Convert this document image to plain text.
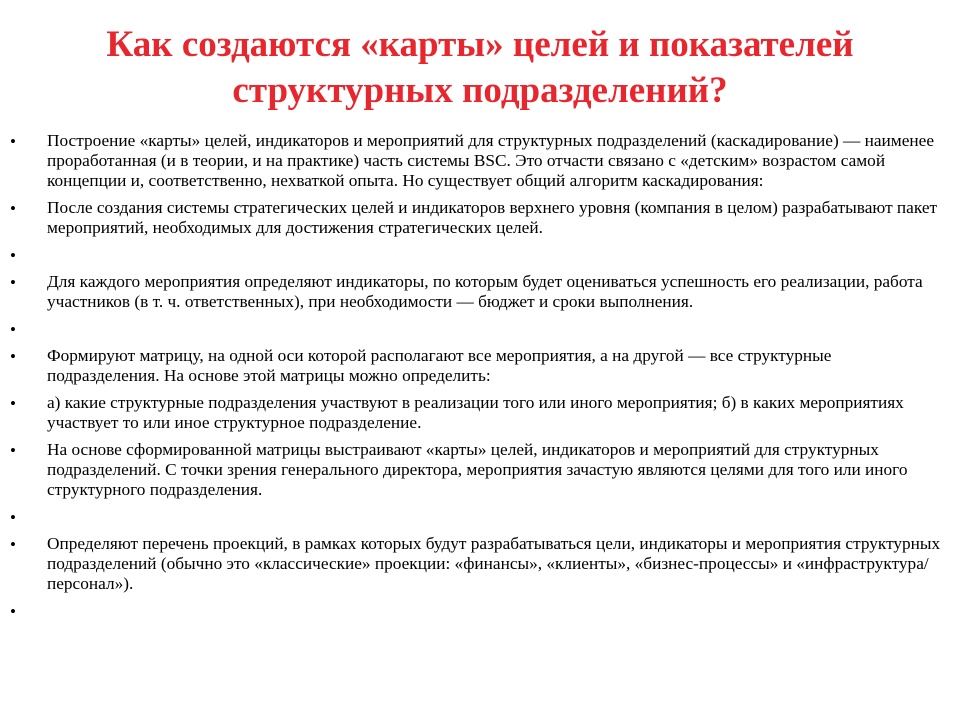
Как создаются «карты» целей и показателей структурных подразделений?
• Построение «карты» целей, индикаторов и мероприятий для структурных подразделений (каскадирование) — наименее проработанная (и в теории, и на практике) часть системы BSC. Это отчасти связано с «детским» возрастом самой концепции и, соответственно, нехваткой опыта. Но существует общий алгоритм каскадирования:
• После создания системы стратегических целей и индикаторов верхнего уровня (компания в целом) разрабатывают пакет мероприятий, необходимых для достижения стратегических целей.
•
• Для каждого мероприятия определяют индикаторы, по которым будет оцениваться успешность его реализации, работа участников (в т. ч. ответственных), при необходимости — бюджет и сроки выполнения.
•
• Формируют матрицу, на одной оси которой располагают все мероприятия, а на другой — все структурные подразделения. На основе этой матрицы можно определить:
• а) какие структурные подразделения участвуют в реализации того или иного мероприятия; б) в каких мероприятиях участвует то или иное структурное подразделение.
• На основе сформированной матрицы выстраивают «карты» целей, индикаторов и мероприятий для структурных подразделений. С точки зрения генерального директора, мероприятия зачастую являются целями для того или иного структурного подразделения.
•
• Определяют перечень проекций, в рамках которых будут разрабатываться цели, индикаторы и мероприятия структурных подразделений (обычно это «классические» проекции: «финансы», «клиенты», «бизнес-процессы» и «инфраструктура/персонал»).
•
